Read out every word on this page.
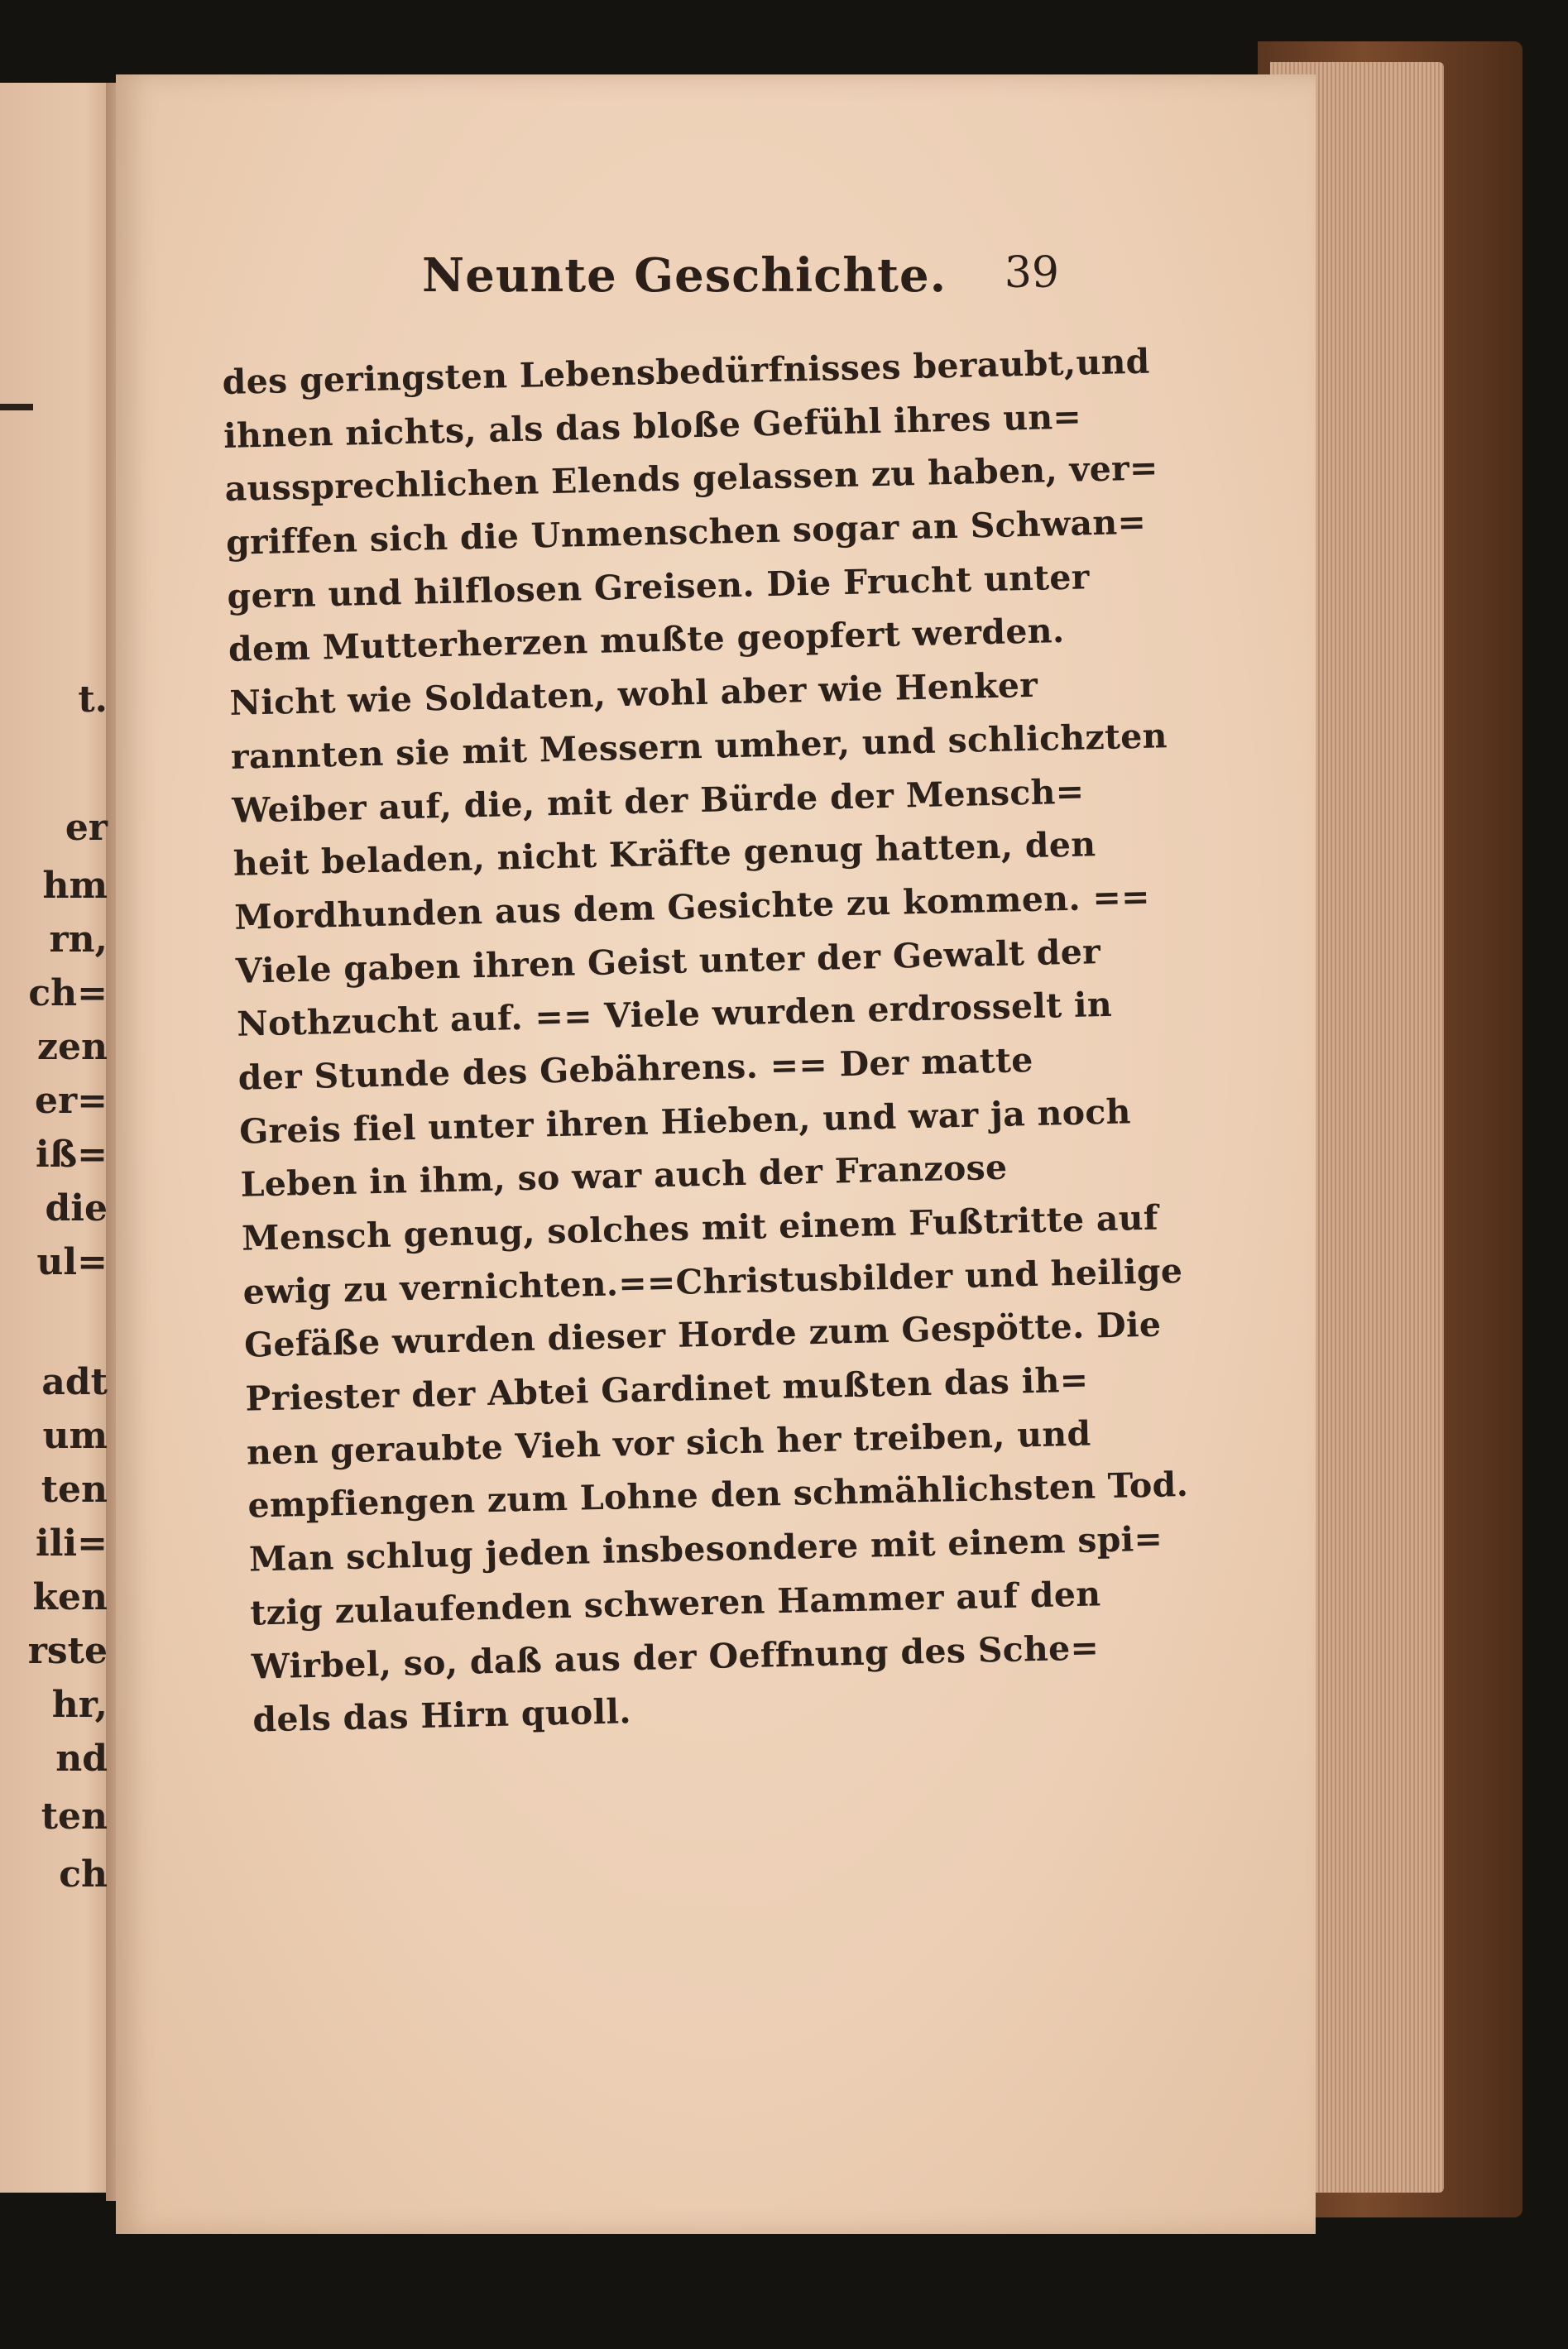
t.
er
hm
rn,
ch=
zen
er=
iß=
die
ul=
adt
um
ten
ili=
ken
rste
hr,
nd
ten
ch
Neunte Geschichte. 39
des geringsten Lebensbedürfnisses beraubt,und
ihnen nichts, als das bloße Gefühl ihres un=
aussprechlichen Elends gelassen zu haben, ver=
griffen sich die Unmenschen sogar an Schwan=
gern und hilflosen Greisen. Die Frucht unter
dem Mutterherzen mußte geopfert werden.
Nicht wie Soldaten, wohl aber wie Henker
rannten sie mit Messern umher, und schlichzten
Weiber auf, die, mit der Bürde der Mensch=
heit beladen, nicht Kräfte genug hatten, den
Mordhunden aus dem Gesichte zu kommen. ==
Viele gaben ihren Geist unter der Gewalt der
Nothzucht auf. == Viele wurden erdrosselt in
der Stunde des Gebährens. == Der matte
Greis fiel unter ihren Hieben, und war ja noch
Leben in ihm, so war auch der Franzose
Mensch genug, solches mit einem Fußtritte auf
ewig zu vernichten.==Christusbilder und heilige
Gefäße wurden dieser Horde zum Gespötte. Die
Priester der Abtei Gardinet mußten das ih=
nen geraubte Vieh vor sich her treiben, und
empfiengen zum Lohne den schmählichsten Tod.
Man schlug jeden insbesondere mit einem spi=
tzig zulaufenden schweren Hammer auf den
Wirbel, so, daß aus der Oeffnung des Sche=
dels das Hirn quoll.
